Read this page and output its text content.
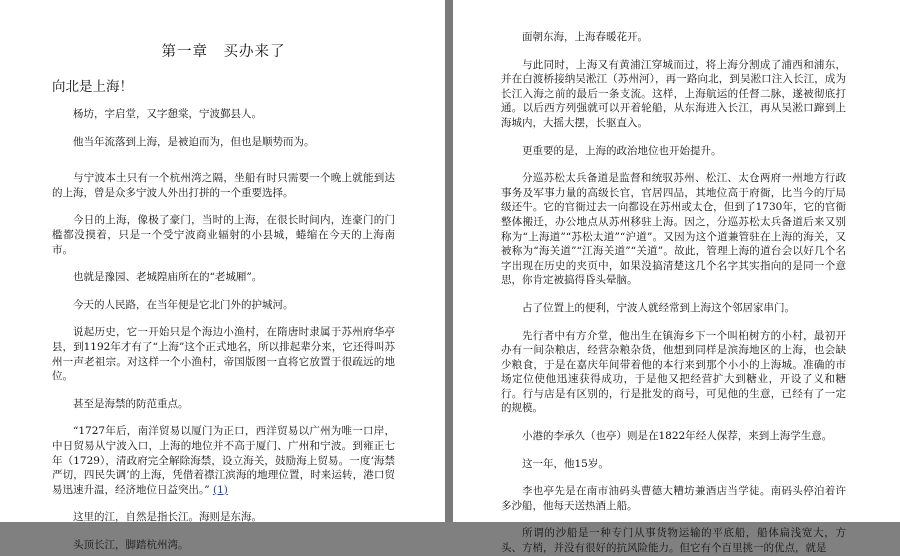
第一章　买办来了
向北是上海！

杨坊，字启堂，又字憩棠，宁波鄞县人。

他当年流落到上海，是被迫而为，但也是顺势而为。

与宁波本土只有一个杭州湾之隔，坐船有时只需要一个晚上就能到达的上海，曾是众多宁波人外出打拼的一个重要选择。

今日的上海，像极了豪门，当时的上海，在很长时间内，连豪门的门槛都没摸着，只是一个受宁波商业辐射的小县城，蜷缩在今天的上海南市。

也就是豫园、老城隍庙所在的“老城厢”。

今天的人民路，在当年便是它北门外的护城河。

说起历史，它一开始只是个海边小渔村，在隋唐时隶属于苏州府华亭县，到1192年才有了“上海”这个正式地名，所以排起辈分来，它还得叫苏州一声老祖宗。对这样一个小渔村，帝国版图一直将它放置于很疏远的地位。

甚至是海禁的防范重点。

“1727年后，南洋贸易以厦门为正口，西洋贸易以广州为唯一口岸，中日贸易从宁波入口，上海的地位并不高于厦门、广州和宁波。到雍正七年（1729），清政府完全解除海禁，设立海关，鼓励海上贸易。一度‘海禁严切，四民失调’的上海，凭借着襟江滨海的地理位置，时来运转，港口贸易迅速升温，经济地位日益突出。” (1)

这里的江，自然是指长江。海则是东海。

头顶长江，脚踏杭州湾。

面朝东海，上海春暖花开。

与此同时，上海又有黄浦江穿城而过，将上海分割成了浦西和浦东，并在白渡桥接纳吴淞江（苏州河），再一路向北，到吴淞口注入长江，成为长江入海之前的最后一条支流。这样，上海航运的任督二脉，遂被彻底打通。以后西方列强就可以开着轮船，从东海进入长江，再从吴淞口蹿到上海城内，大摇大摆，长驱直入。

更重要的是，上海的政治地位也开始提升。

分巡苏松太兵备道是监督和统驭苏州、松江、太仓两府一州地方行政事务及军事力量的高级长官，官居四品，其地位高于府衙，比当今的厅局级还牛。它的官衙过去一向都设在苏州或太仓，但到了1730年，它的官衙整体搬迁，办公地点从苏州移驻上海。因之，分巡苏松太兵备道后来又别称为“上海道”“苏松太道”“沪道”。又因为这个道兼管驻在上海的海关，又被称为“海关道”“江海关道”“关道”。故此，管理上海的道台会以好几个名字出现在历史的夹页中，如果没搞清楚这几个名字其实指向的是同一个意思，你肯定被搞得昏头晕脑。

占了位置上的便利，宁波人就经常到上海这个邻居家串门。

先行者中有方介堂，他出生在镇海乡下一个叫桕树方的小村，最初开办有一间杂粮店，经营杂粮杂货，他想到同样是滨海地区的上海，也会缺少粮食，于是在嘉庆年间带着他的本行来到那个小小的上海城。准确的市场定位使他迅速获得成功，于是他又把经营扩大到糖业，开设了义和糖行。行与店是有区别的，行是批发的商号，可见他的生意，已经有了一定的规模。

小港的李承久（也亭）则是在1822年经人保荐，来到上海学生意。

这一年，他15岁。

李也亭先是在南市油码头曹德大糟坊兼酒店当学徒。南码头停泊着许多沙船，他每天送热酒上船。

所谓的沙船是一种专门从事货物运输的平底船，船体扁浅宽大，方头、方梢，并没有很好的抗风险能力。但它有个百里挑一的优点，就是
